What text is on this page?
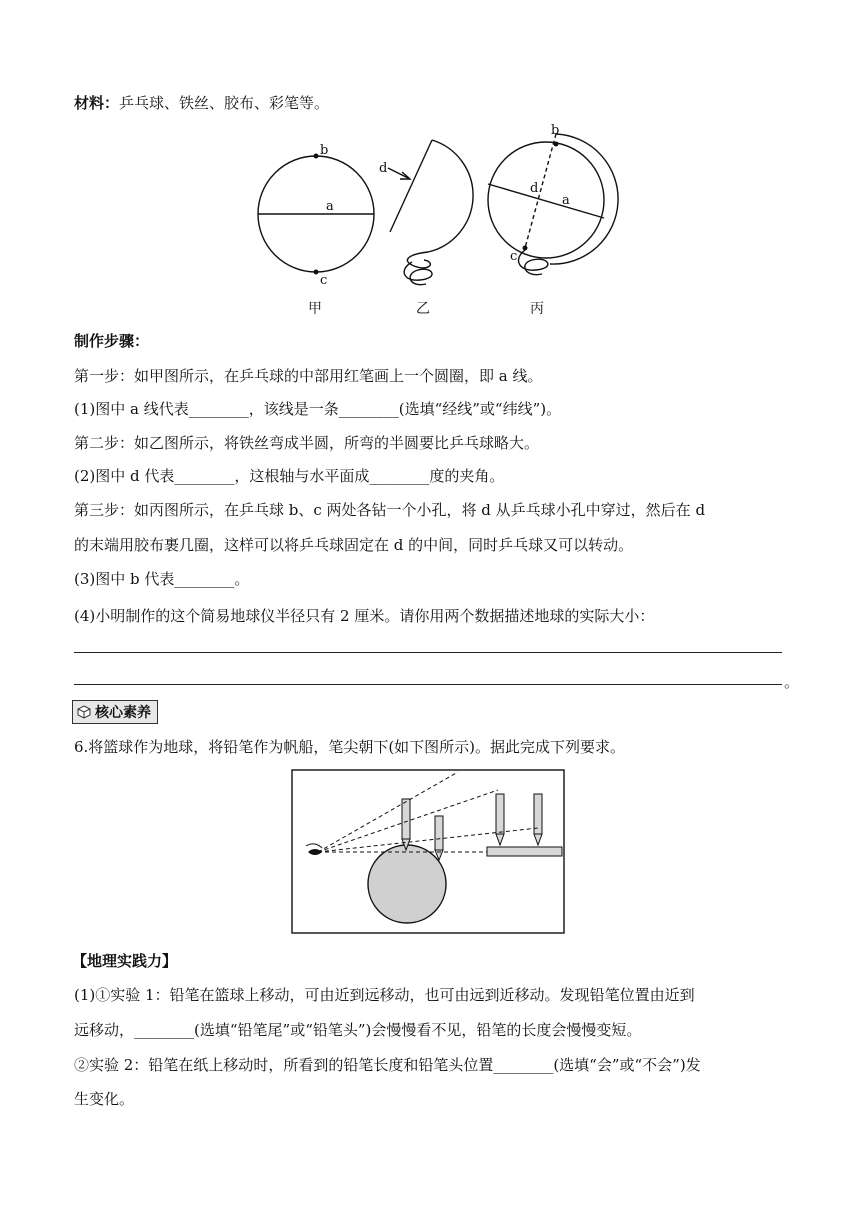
材料：乒乓球、铁丝、胶布、彩笔等。
b
a
c
d
b
d
a
c
甲	乙	丙
制作步骤：
第一步：如甲图所示，在乒乓球的中部用红笔画上一个圆圈，即 a 线。
(1)图中 a 线代表________，该线是一条________(选填“经线”或“纬线”)。
第二步：如乙图所示，将铁丝弯成半圆，所弯的半圆要比乒乓球略大。
(2)图中 d 代表________，这根轴与水平面成________度的夹角。
第三步：如丙图所示，在乒乓球 b、c 两处各钻一个小孔，将 d 从乒乓球小孔中穿过，然后在 d
的末端用胶布裹几圈，这样可以将乒乓球固定在 d 的中间，同时乒乓球又可以转动。
(3)图中 b 代表________。
(4)小明制作的这个简易地球仪半径只有 2 厘米。请你用两个数据描述地球的实际大小：
。
核心素养
6.将篮球作为地球，将铅笔作为帆船，笔尖朝下(如下图所示)。据此完成下列要求。
【地理实践力】
(1)①实验 1：铅笔在篮球上移动，可由近到远移动，也可由远到近移动。发现铅笔位置由近到
远移动，________(选填“铅笔尾”或“铅笔头”)会慢慢看不见，铅笔的长度会慢慢变短。
②实验 2：铅笔在纸上移动时，所看到的铅笔长度和铅笔头位置________(选填“会”或“不会”)发
生变化。
